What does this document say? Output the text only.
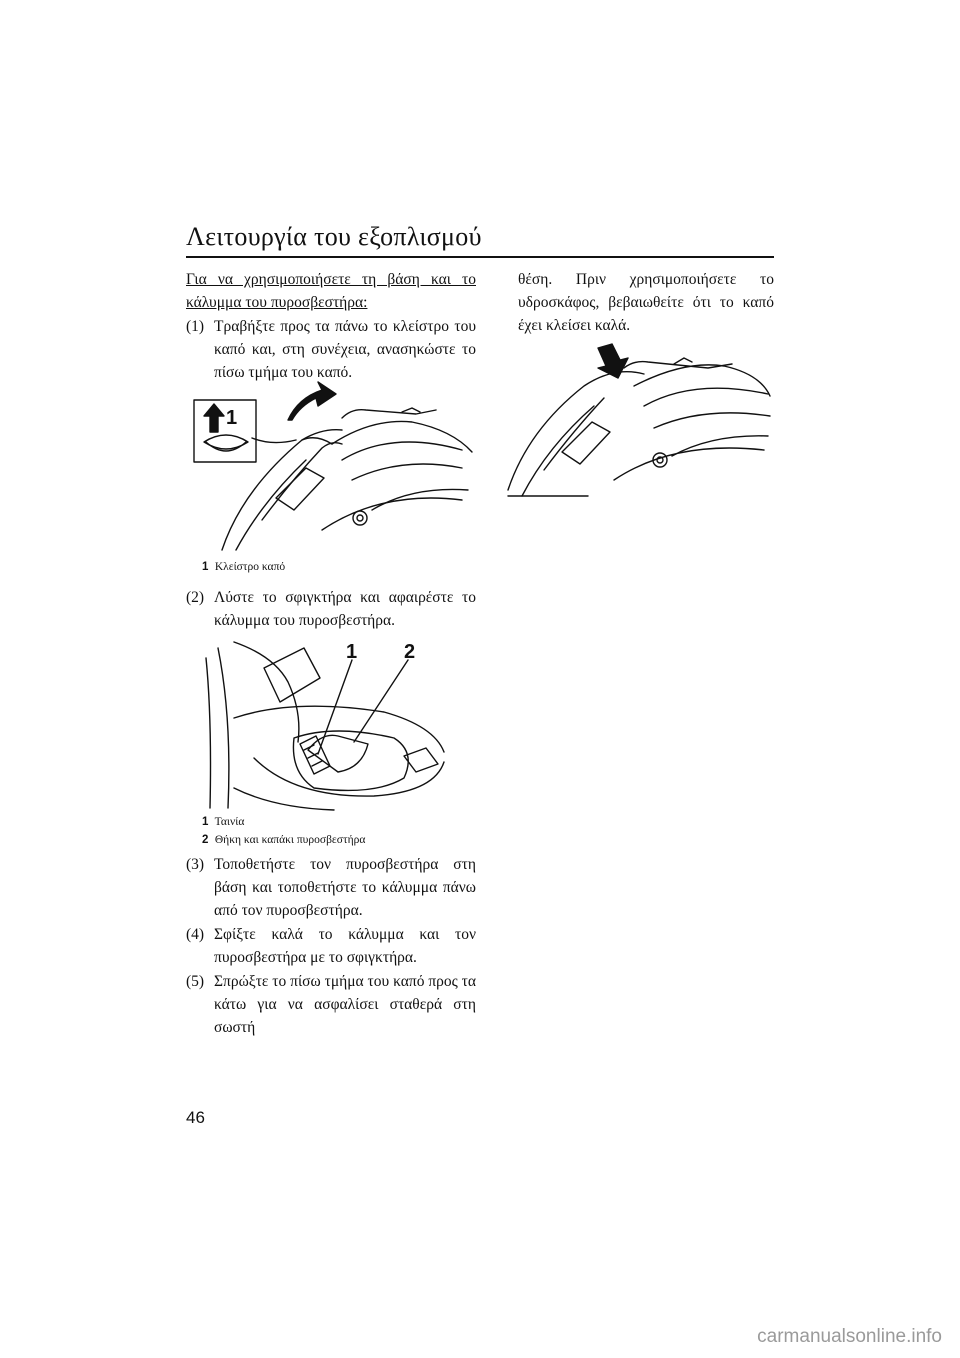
Λειτουργία του εξοπλισμού

Για να χρησιμοποιήσετε τη βάση και το κάλυμμα του πυροσβεστήρα:

(1) Τραβήξτε προς τα πάνω το κλείστρο του καπό και, στη συνέχεια, ανασηκώστε το πίσω τμήμα του καπό.
1
1 Κλείστρο καπό
(2) Λύστε το σφιγκτήρα και αφαιρέστε το κάλυμμα του πυροσβεστήρα.
1 2
1 Ταινία
2 Θήκη και καπάκι πυροσβεστήρα
(3) Τοποθετήστε τον πυροσβεστήρα στη βάση και τοποθετήστε το κάλυμμα πάνω από τον πυροσβεστήρα.
(4) Σφίξτε καλά το κάλυμμα και τον πυροσβεστήρα με το σφιγκτήρα.
(5) Σπρώξτε το πίσω τμήμα του καπό προς τα κάτω για να ασφαλίσει σταθερά στη σωστή

θέση. Πριν χρησιμοποιήσετε το υδροσκάφος, βεβαιωθείτε ότι το καπό έχει κλείσει καλά.

46
carmanualsonline.info
